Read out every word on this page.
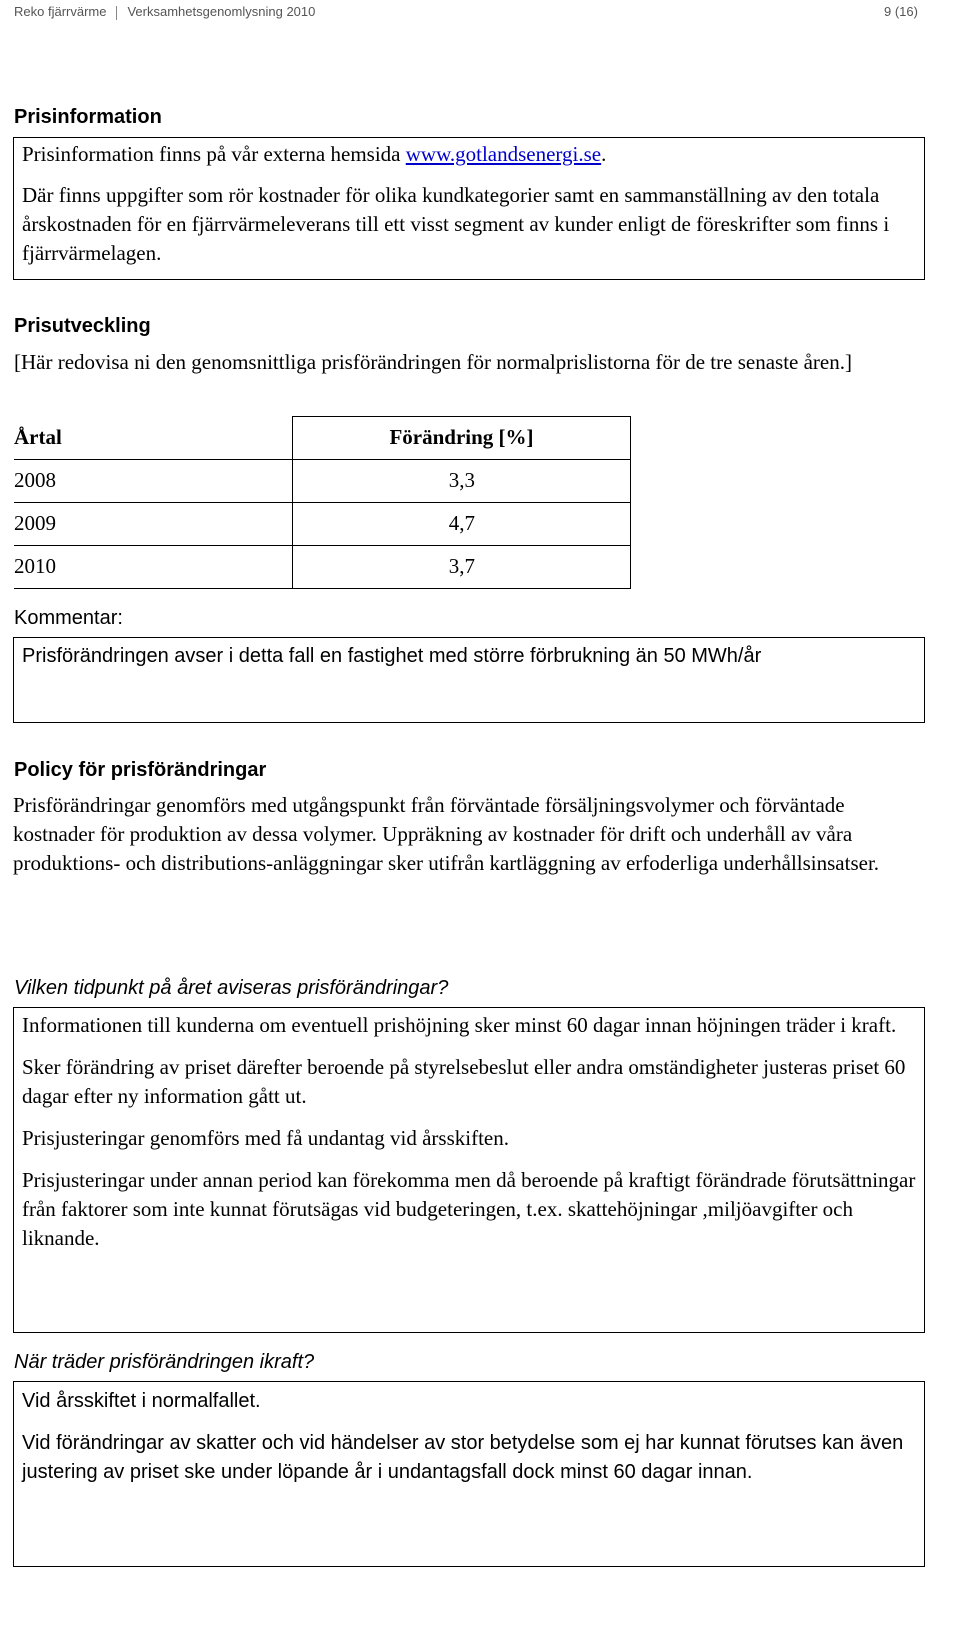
Reko fjärrvärme Verksamhetsgenomlysning 2010	9 (16)
Prisinformation

Prisinformation finns på vår externa hemsida www.gotlandsenergi.se.

Där finns uppgifter som rör kostnader för olika kundkategorier samt en sammanställning av den totala årskostnaden för en fjärrvärmeleverans till ett visst segment av kunder enligt de föreskrifter som finns i fjärrvärmelagen.

Prisutveckling
[Här redovisa ni den genomsnittliga prisförändringen för normalprislistorna för de tre senaste åren.]
Årtal	Förändring [%]
2008	3,3
2009	4,7
2010	3,7
Kommentar:

Prisförändringen avser i detta fall en fastighet med större förbrukning än 50 MWh/år

Policy för prisförändringar
Prisförändringar genomförs med utgångspunkt från förväntade försäljningsvolymer och förväntade kostnader för produktion av dessa volymer. Uppräkning av kostnader för drift och underhåll av våra produktions- och distributions-anläggningar sker utifrån kartläggning av erfoderliga underhållsinsatser.
Vilken tidpunkt på året aviseras prisförändringar?

Informationen till kunderna om eventuell prishöjning sker minst 60 dagar innan höjningen träder i kraft.

Sker förändring av priset därefter beroende på styrelsebeslut eller andra omständigheter justeras priset 60 dagar efter ny information gått ut.

Prisjusteringar genomförs med få undantag vid årsskiften.

Prisjusteringar under annan period kan förekomma men då beroende på kraftigt förändrade förutsättningar från faktorer som inte kunnat förutsägas vid budgeteringen, t.ex. skattehöjningar ,miljöavgifter och liknande.

När träder prisförändringen ikraft?

Vid årsskiftet i normalfallet.

Vid förändringar av skatter och vid händelser av stor betydelse som ej har kunnat förutses kan även justering av priset ske under löpande år i undantagsfall dock minst 60 dagar innan.
